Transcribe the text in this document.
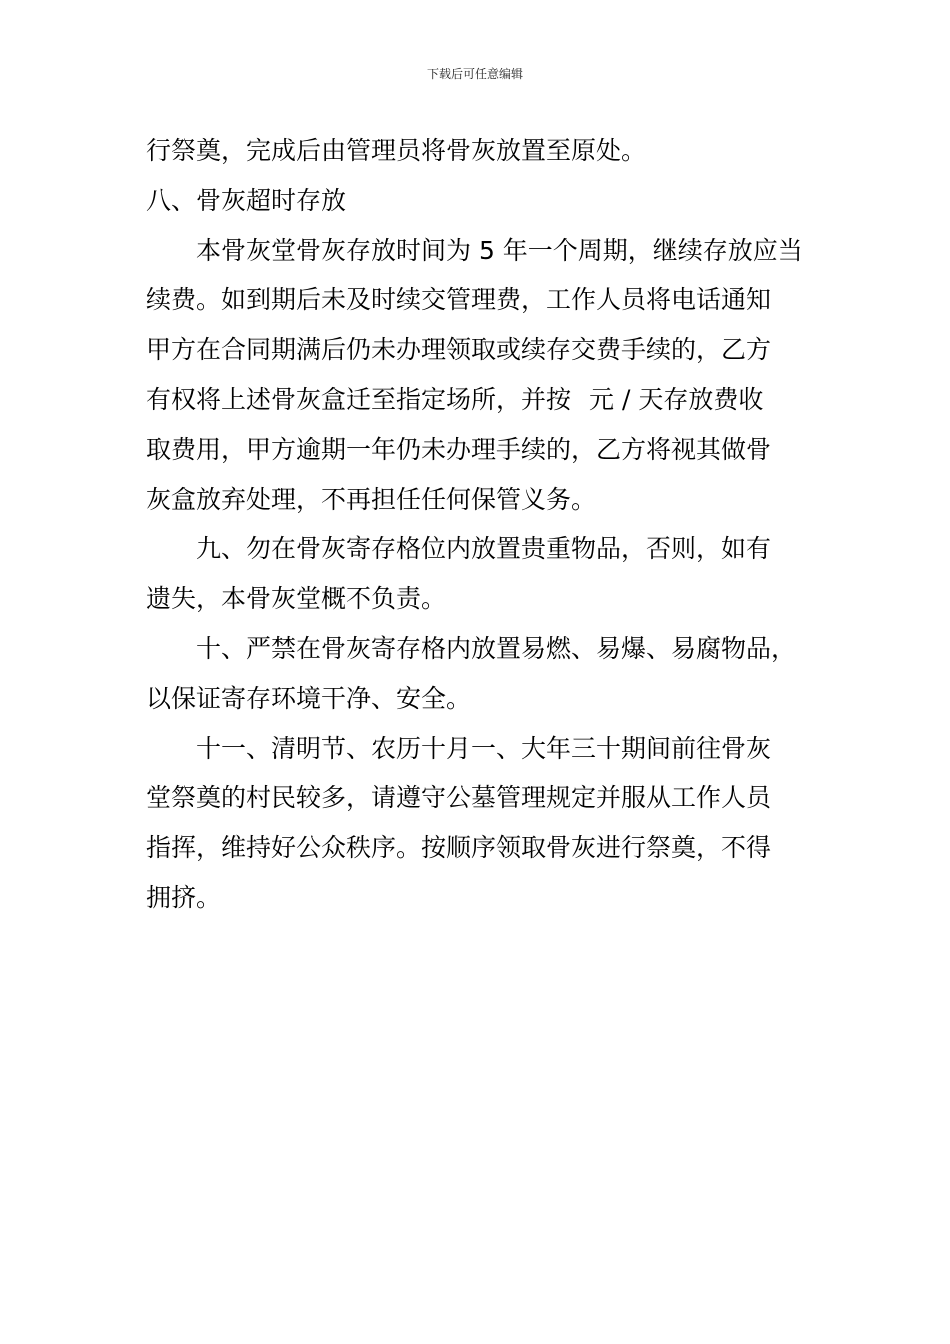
下载后可任意编辑
行祭奠，完成后由管理员将骨灰放置至原处。
八、骨灰超时存放
本骨灰堂骨灰存放时间为 5 年一个周期，继续存放应当
续费。如到期后未及时续交管理费，工作人员将电话通知
甲方在合同期满后仍未办理领取或续存交费手续的，乙方
有权将上述骨灰盒迁至指定场所，并按 元 / 天存放费收
取费用，甲方逾期一年仍未办理手续的，乙方将视其做骨
灰盒放弃处理，不再担任任何保管义务。
九、勿在骨灰寄存格位内放置贵重物品，否则，如有
遗失，本骨灰堂概不负责。
十、严禁在骨灰寄存格内放置易燃、易爆、易腐物品，
以保证寄存环境干净、安全。
十一、清明节、农历十月一、大年三十期间前往骨灰
堂祭奠的村民较多，请遵守公墓管理规定并服从工作人员
指挥，维持好公众秩序。按顺序领取骨灰进行祭奠，不得
拥挤。
